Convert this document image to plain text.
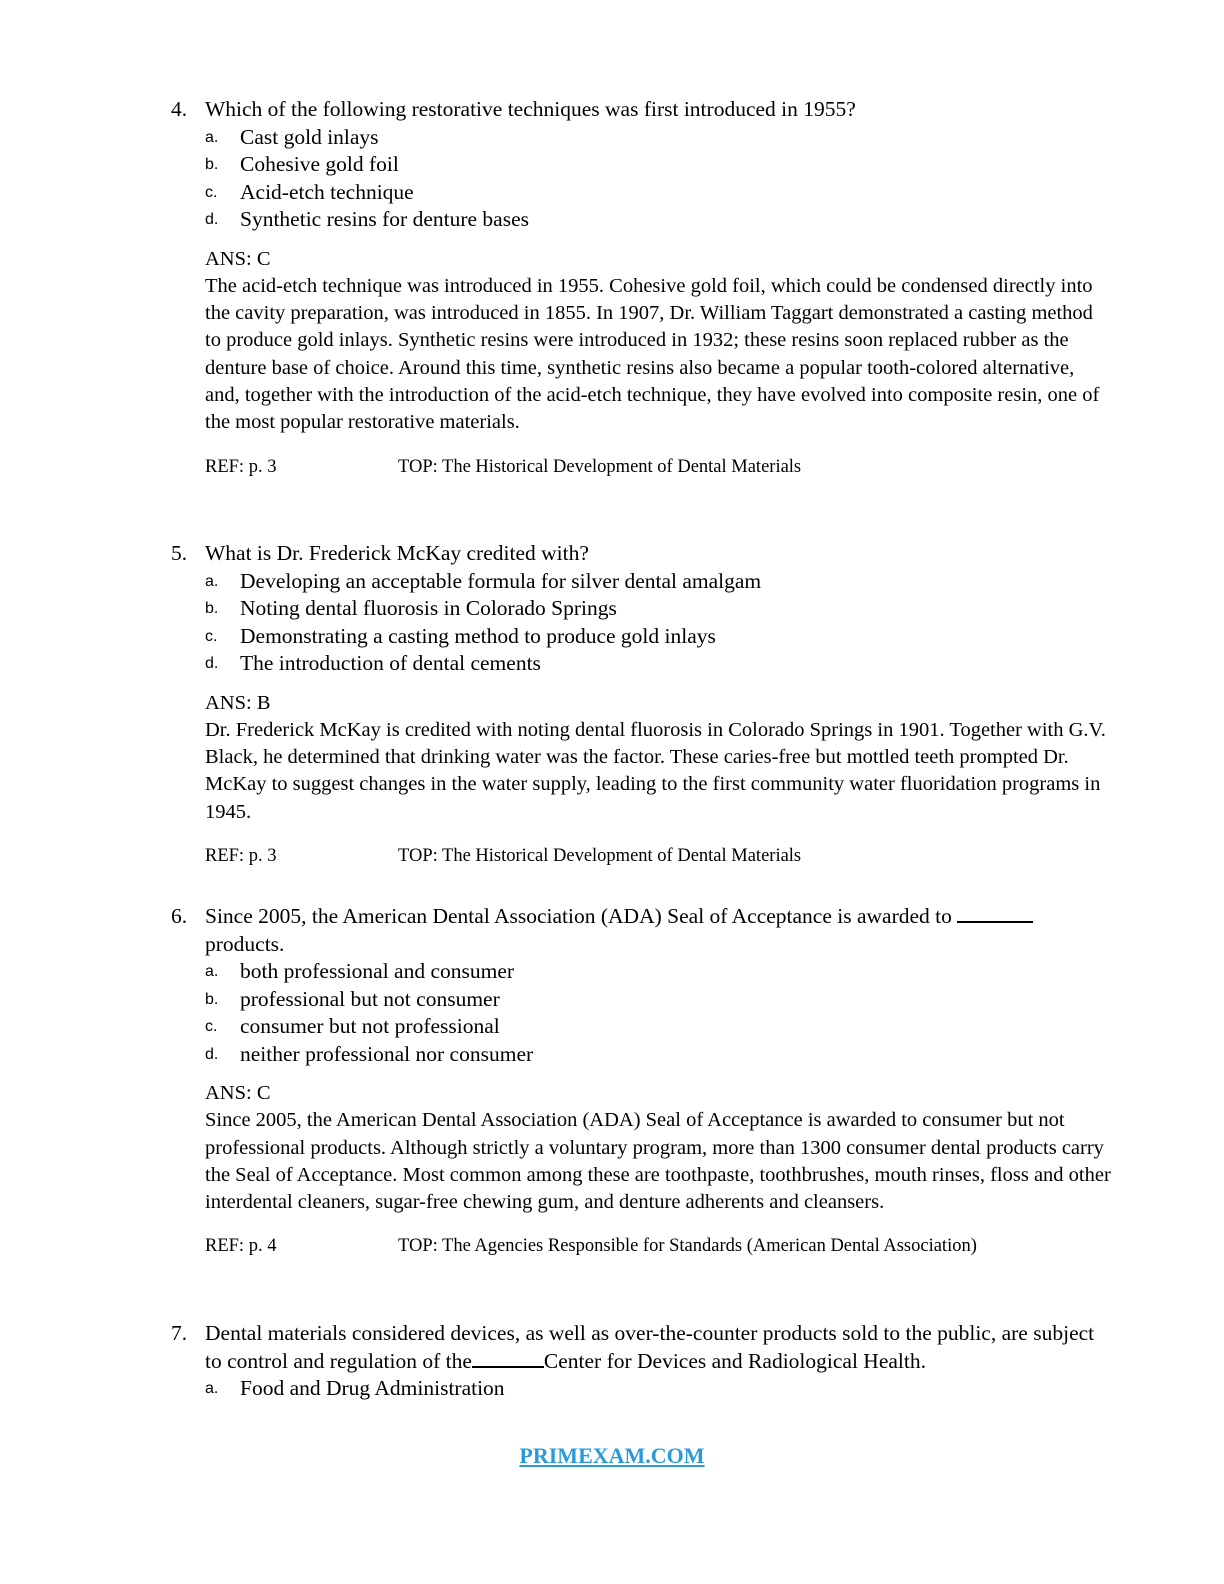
4. Which of the following restorative techniques was first introduced in 1955?
a.	Cast gold inlays
b.	Cohesive gold foil
c.	Acid-etch technique
d.	Synthetic resins for denture bases
ANS: C
The acid-etch technique was introduced in 1955. Cohesive gold foil, which could be condensed directly into the cavity preparation, was introduced in 1855. In 1907, Dr. William Taggart demonstrated a casting method to produce gold inlays. Synthetic resins were introduced in 1932; these resins soon replaced rubber as the denture base of choice. Around this time, synthetic resins also became a popular tooth-colored alternative, and, together with the introduction of the acid-etch technique, they have evolved into composite resin, one of the most popular restorative materials.
REF: p. 3	TOP: The Historical Development of Dental Materials
5. What is Dr. Frederick McKay credited with?
a.	Developing an acceptable formula for silver dental amalgam
b.	Noting dental fluorosis in Colorado Springs
c.	Demonstrating a casting method to produce gold inlays
d.	The introduction of dental cements
ANS: B
Dr. Frederick McKay is credited with noting dental fluorosis in Colorado Springs in 1901. Together with G.V. Black, he determined that drinking water was the factor. These caries-free but mottled teeth prompted Dr. McKay to suggest changes in the water supply, leading to the first community water fluoridation programs in 1945.
REF: p. 3	TOP: The Historical Development of Dental Materials
6. Since 2005, the American Dental Association (ADA) Seal of Acceptance is awarded to  products.
a.	both professional and consumer
b.	professional but not consumer
c.	consumer but not professional
d.	neither professional nor consumer
ANS: C
Since 2005, the American Dental Association (ADA) Seal of Acceptance is awarded to consumer but not professional products. Although strictly a voluntary program, more than 1300 consumer dental products carry the Seal of Acceptance. Most common among these are toothpaste, toothbrushes, mouth rinses, floss and other interdental cleaners, sugar-free chewing gum, and denture adherents and cleansers.
REF: p. 4	TOP: The Agencies Responsible for Standards (American Dental Association)
7. Dental materials considered devices, as well as over-the-counter products sold to the public, are subject to control and regulation of the	Center for Devices and Radiological Health.
a.	Food and Drug Administration
PRIMEXAM.COM
